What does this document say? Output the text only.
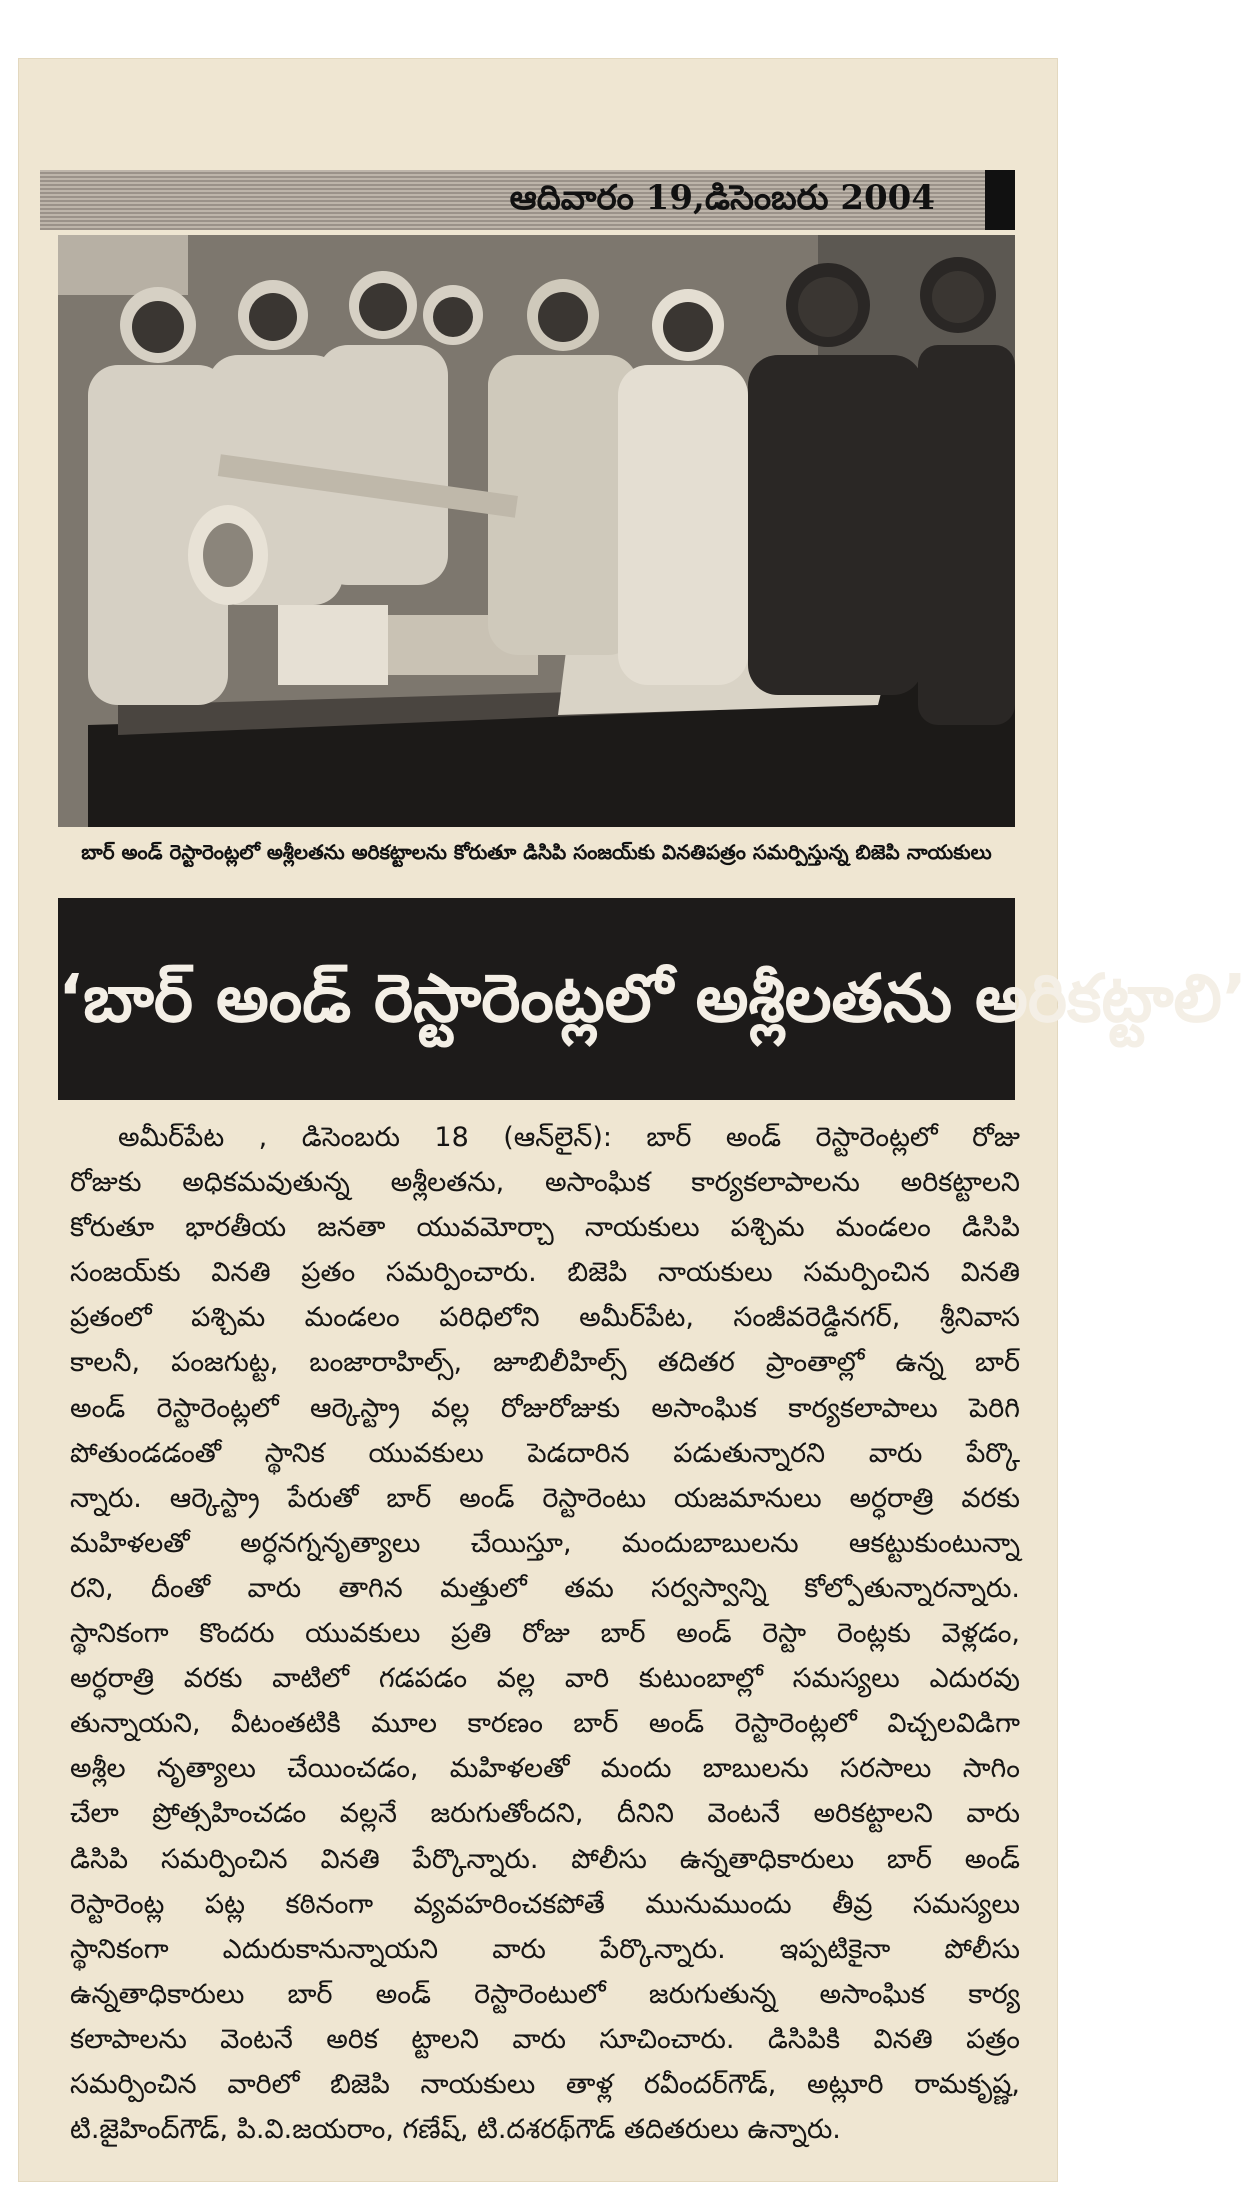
ఆదివారం 19,డిసెంబరు 2004
బార్ అండ్ రెస్టారెంట్లలో అశ్లీలతను అరికట్టాలను కోరుతూ డిసిపి సంజయ్‌కు వినతిపత్రం సమర్పిస్తున్న బిజెపి నాయకులు
‘బార్ అండ్ రెస్టారెంట్లలో అశ్లీలతను అరికట్టాలి’
అమీర్‌పేట , డిసెంబరు 18 (ఆన్‌లైన్): బార్ అండ్ రెస్టారెంట్లలో రోజు
రోజుకు అధికమవుతున్న అశ్లీలతను, అసాంఘిక కార్యకలాపాలను అరికట్టాలని
కోరుతూ భారతీయ జనతా యువమోర్చా నాయకులు పశ్చిమ మండలం డిసిపి
సంజయ్‌కు వినతి ప్రతం సమర్పించారు. బిజెపి నాయకులు సమర్పించిన వినతి
ప్రతంలో పశ్చిమ మండలం పరిధిలోని అమీర్‌పేట, సంజీవరెడ్డినగర్, శ్రీనివాస
కాలనీ, పంజగుట్ట, బంజారాహిల్స్, జూబిలీహిల్స్ తదితర ప్రాంతాల్లో ఉన్న బార్
అండ్ రెస్టారెంట్లలో ఆర్కెస్ట్రా వల్ల రోజురోజుకు అసాంఘిక కార్యకలాపాలు పెరిగి
పోతుండడంతో స్థానిక యువకులు పెడదారిన పడుతున్నారని వారు పేర్కొ
న్నారు. ఆర్కెస్ట్రా పేరుతో బార్ అండ్ రెస్టారెంటు యజమానులు అర్ధరాత్రి వరకు
మహిళలతో అర్ధనగ్ననృత్యాలు చేయిస్తూ, మందుబాబులను ఆకట్టుకుంటున్నా
రని, దీంతో వారు తాగిన మత్తులో తమ సర్వస్వాన్ని కోల్పోతున్నారన్నారు.
స్థానికంగా కొందరు యువకులు ప్రతి రోజు బార్ అండ్ రెస్టా రెంట్లకు వెళ్లడం,
అర్ధరాత్రి వరకు వాటిలో గడపడం వల్ల వారి కుటుంబాల్లో సమస్యలు ఎదురవు
తున్నాయని, వీటంతటికి మూల కారణం బార్ అండ్ రెస్టారెంట్లలో విచ్చలవిడిగా
అశ్లీల నృత్యాలు చేయించడం, మహిళలతో మందు బాబులను సరసాలు సాగిం
చేలా ప్రోత్సహించడం వల్లనే జరుగుతోందని, దీనిని వెంటనే అరికట్టాలని వారు
డిసిపి సమర్పించిన వినతి పేర్కొన్నారు. పోలీసు ఉన్నతాధికారులు బార్ అండ్
రెస్టారెంట్ల పట్ల కఠినంగా వ్యవహరించకపోతే మునుముందు తీవ్ర సమస్యలు
స్థానికంగా ఎదురుకానున్నాయని వారు పేర్కొన్నారు. ఇప్పటికైనా పోలీసు
ఉన్నతాధికారులు బార్ అండ్ రెస్టారెంటులో జరుగుతున్న అసాంఘిక కార్య
కలాపాలను వెంటనే అరిక ట్టాలని వారు సూచించారు. డిసిపికి వినతి పత్రం
సమర్పించిన వారిలో బిజెపి నాయకులు తాళ్ల రవీందర్‌గౌడ్, అట్లూరి రామకృష్ణ,
టి.జైహింద్‌గౌడ్, పి.వి.జయరాం, గణేష్, టి.దశరథ్‌గౌడ్ తదితరులు ఉన్నారు.
